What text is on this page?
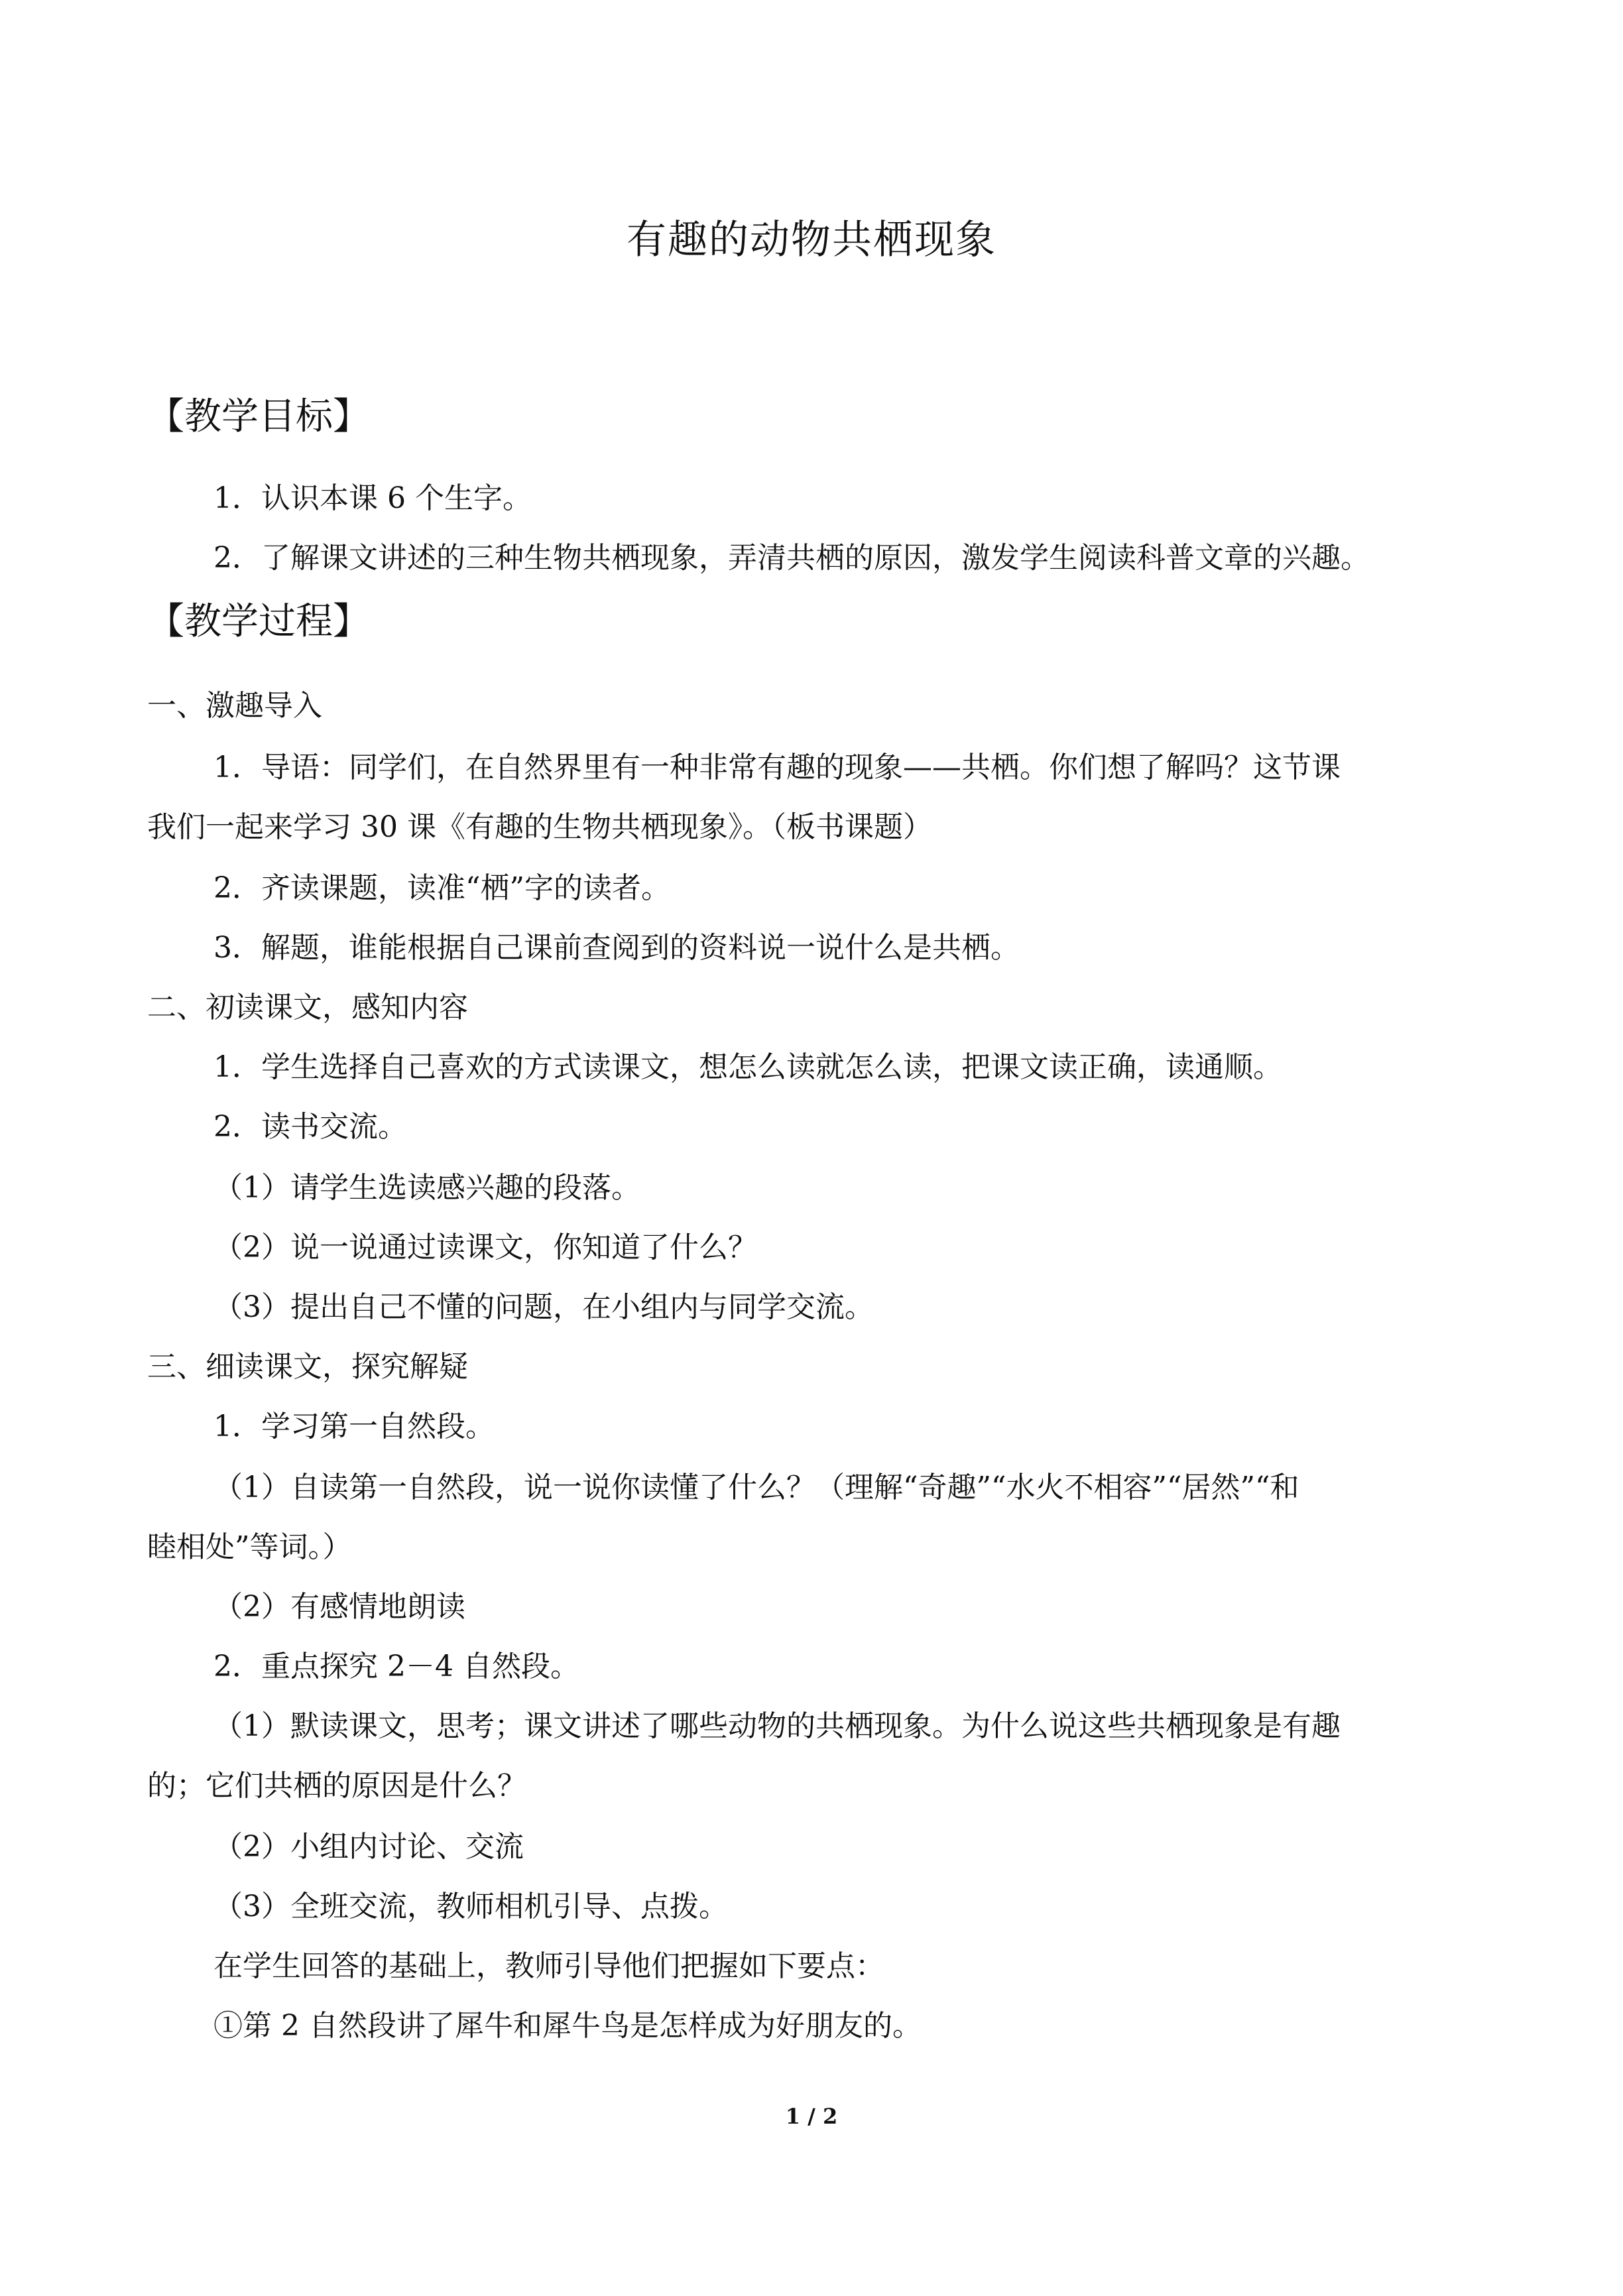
有趣的动物共栖现象
【教学目标】
1．认识本课 6 个生字。
2．了解课文讲述的三种生物共栖现象，弄清共栖的原因，激发学生阅读科普文章的兴趣。
【教学过程】
一、激趣导入
1．导语：同学们，在自然界里有一种非常有趣的现象——共栖。你们想了解吗？这节课
我们一起来学习 30 课《有趣的生物共栖现象》。（板书课题）
2．齐读课题，读准“栖”字的读者。
3．解题，谁能根据自己课前查阅到的资料说一说什么是共栖。
二、初读课文，感知内容
1．学生选择自己喜欢的方式读课文，想怎么读就怎么读，把课文读正确，读通顺。
2．读书交流。
（1）请学生选读感兴趣的段落。
（2）说一说通过读课文，你知道了什么？
（3）提出自己不懂的问题，在小组内与同学交流。
三、细读课文，探究解疑
1．学习第一自然段。
（1）自读第一自然段，说一说你读懂了什么？（理解“奇趣”“水火不相容”“居然”“和
睦相处”等词。）
（2）有感情地朗读
2．重点探究 2－4 自然段。
（1）默读课文，思考；课文讲述了哪些动物的共栖现象。为什么说这些共栖现象是有趣
的；它们共栖的原因是什么？
（2）小组内讨论、交流
（3）全班交流，教师相机引导、点拨。
在学生回答的基础上，教师引导他们把握如下要点：
①第 2 自然段讲了犀牛和犀牛鸟是怎样成为好朋友的。
1 / 2
